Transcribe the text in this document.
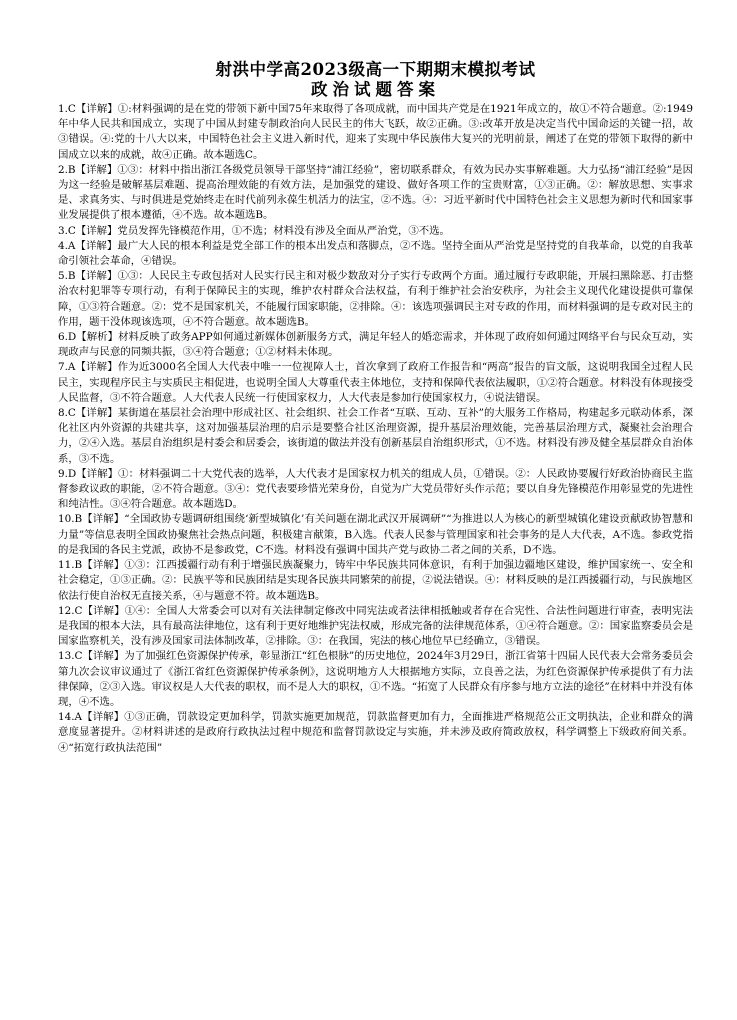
射洪中学高2023级高一下期期末模拟考试
政治试题答案
1.C【详解】①:材料强调的是在党的带领下新中国75年来取得了各项成就，而中国共产党是在1921年成立的，故①不符合题意。②:1949年中华人民共和国成立，实现了中国从封建专制政治向人民民主的伟大飞跃，故②正确。③:改革开放是决定当代中国命运的关键一招，故③错误。④:党的十八大以来，中国特色社会主义进入新时代，迎来了实现中华民族伟大复兴的光明前景，阐述了在党的带领下取得的新中国成立以来的成就，故④正确。故本题选C。
2.B【详解】①③：材料中指出浙江各级党员领导干部坚持“浦江经验”，密切联系群众，有效为民办实事解难题。大力弘扬“浦江经验”是因为这一经验是破解基层难题、提高治理效能的有效方法，是加强党的建设、做好各项工作的宝贵财富，①③正确。②：解放思想、实事求是、求真务实、与时俱进是党始终走在时代前列永葆生机活力的法宝，②不选。④：习近平新时代中国特色社会主义思想为新时代和国家事业发展提供了根本遵循，④不选。故本题选B。
3.C【详解】党员发挥先锋模范作用，①不选；材料没有涉及全面从严治党，③不选。
4.A【详解】最广大人民的根本利益是党全部工作的根本出发点和落脚点，②不选。坚持全面从严治党是坚持党的自我革命，以党的自我革命引领社会革命，④错误。
5.B【详解】①③：人民民主专政包括对人民实行民主和对极少数敌对分子实行专政两个方面。通过履行专政职能，开展扫黑除恶、打击整治农村犯罪等专项行动，有利于保障民主的实现，维护农村群众合法权益，有利于维护社会治安秩序，为社会主义现代化建设提供可靠保障，①③符合题意。②：党不是国家机关，不能履行国家职能，②排除。④：该选项强调民主对专政的作用，而材料强调的是专政对民主的作用，题干没体现该选项，④不符合题意。故本题选B。
6.D【解析】材料反映了政务APP如何通过新媒体创新服务方式，满足年轻人的婚恋需求，并体现了政府如何通过网络平台与民众互动，实现政声与民意的同频共振，③④符合题意；①②材料未体现。
7.A【详解】作为近3000名全国人大代表中唯一一位视障人士，首次拿到了政府工作报告和“两高”报告的盲文版，这说明我国全过程人民民主，实现程序民主与实质民主相促进，也说明全国人大尊重代表主体地位，支持和保障代表依法履职，①②符合题意。材料没有体现接受人民监督，③不符合题意。人大代表人民统一行使国家权力，人大代表是参加行使国家权力，④说法错误。
8.C【详解】某街道在基层社会治理中形成社区、社会组织、社会工作者“互联、互动、互补”的大服务工作格局，构建起多元联动体系，深化社区内外资源的共建共享，这对加强基层治理的启示是要整合社区治理资源，提升基层治理效能，完善基层治理方式，凝聚社会治理合力，②④入选。基层自治组织是村委会和居委会，该街道的做法并没有创新基层自治组织形式，①不选。材料没有涉及健全基层群众自治体系，③不选。
9.D【详解】①：材料强调二十大党代表的选举，人大代表才是国家权力机关的组成人员，①错误。②：人民政协要履行好政治协商民主监督参政议政的职能，②不符合题意。③④：党代表要珍惜光荣身份，自觉为广大党员带好头作示范；要以自身先锋模范作用彰显党的先进性和纯洁性。③④符合题意。故本题选D。
10.B【详解】“全国政协专题调研组围绕‘新型城镇化’有关问题在湖北武汉开展调研”“为推进以人为核心的新型城镇化建设贡献政协智慧和力量”等信息表明全国政协聚焦社会热点问题，积极建言献策，B入选。代表人民参与管理国家和社会事务的是人大代表，A不选。参政党指的是我国的各民主党派，政协不是参政党，C不选。材料没有强调中国共产党与政协二者之间的关系，D不选。
11.B【详解】①③：江西援疆行动有利于增强民族凝聚力，铸牢中华民族共同体意识，有利于加强边疆地区建设，维护国家统一、安全和社会稳定，①③正确。②：民族平等和民族团结是实现各民族共同繁荣的前提，②说法错误。④：材料反映的是江西援疆行动，与民族地区依法行使自治权无直接关系，④与题意不符。故本题选B。
12.C【详解】①④：全国人大常委会可以对有关法律制定修改中同宪法或者法律相抵触或者存在合宪性、合法性问题进行审查，表明宪法是我国的根本大法，具有最高法律地位，这有利于更好地维护宪法权威，形成完备的法律规范体系，①④符合题意。②：国家监察委员会是国家监察机关，没有涉及国家司法体制改革，②排除。③：在我国，宪法的核心地位早已经确立，③错误。
13.C【详解】为了加强红色资源保护传承，彰显浙江“红色根脉”的历史地位，2024年3月29日，浙江省第十四届人民代表大会常务委员会第九次会议审议通过了《浙江省红色资源保护传承条例》，这说明地方人大根据地方实际，立良善之法，为红色资源保护传承提供了有力法律保障，②③入选。审议权是人大代表的职权，而不是人大的职权，①不选。“拓宽了人民群众有序参与地方立法的途径”在材料中并没有体现，④不选。
14.A【详解】①③正确，罚款设定更加科学，罚款实施更加规范，罚款监督更加有力，全面推进严格规范公正文明执法，企业和群众的满意度显著提升。②材料讲述的是政府行政执法过程中规范和监督罚款设定与实施，并未涉及政府简政放权，科学调整上下级政府间关系。④“拓宽行政执法范围”
